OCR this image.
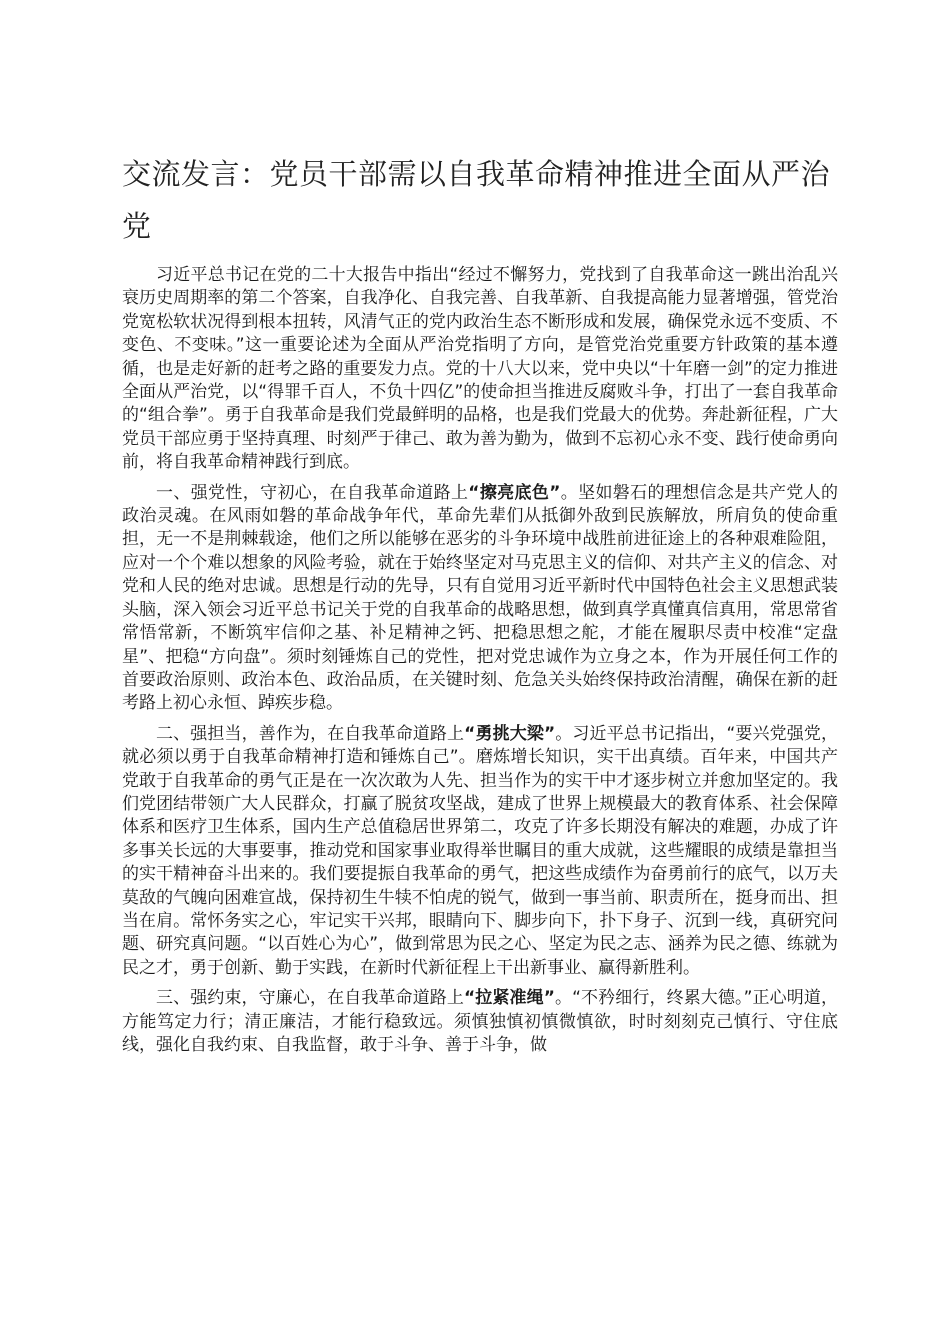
交流发言：党员干部需以自我革命精神推进全面从严治党

习近平总书记在党的二十大报告中指出“经过不懈努力，党找到了自我革命这一跳出治乱兴衰历史周期率的第二个答案，自我净化、自我完善、自我革新、自我提高能力显著增强，管党治党宽松软状况得到根本扭转，风清气正的党内政治生态不断形成和发展，确保党永远不变质、不变色、不变味。”这一重要论述为全面从严治党指明了方向，是管党治党重要方针政策的基本遵循，也是走好新的赶考之路的重要发力点。党的十八大以来，党中央以“十年磨一剑”的定力推进全面从严治党，以“得罪千百人，不负十四亿”的使命担当推进反腐败斗争，打出了一套自我革命的“组合拳”。勇于自我革命是我们党最鲜明的品格，也是我们党最大的优势。奔赴新征程，广大党员干部应勇于坚持真理、时刻严于律己、敢为善为勤为，做到不忘初心永不变、践行使命勇向前，将自我革命精神践行到底。

一、强党性，守初心，在自我革命道路上“擦亮底色”。坚如磐石的理想信念是共产党人的政治灵魂。在风雨如磐的革命战争年代，革命先辈们从抵御外敌到民族解放，所肩负的使命重担，无一不是荆棘载途，他们之所以能够在恶劣的斗争环境中战胜前进征途上的各种艰难险阻，应对一个个难以想象的风险考验，就在于始终坚定对马克思主义的信仰、对共产主义的信念、对党和人民的绝对忠诚。思想是行动的先导，只有自觉用习近平新时代中国特色社会主义思想武装头脑，深入领会习近平总书记关于党的自我革命的战略思想，做到真学真懂真信真用，常思常省常悟常新，不断筑牢信仰之基、补足精神之钙、把稳思想之舵，才能在履职尽责中校准“定盘星”、把稳“方向盘”。须时刻锤炼自己的党性，把对党忠诚作为立身之本，作为开展任何工作的首要政治原则、政治本色、政治品质，在关键时刻、危急关头始终保持政治清醒，确保在新的赶考路上初心永恒、踔疾步稳。

二、强担当，善作为，在自我革命道路上“勇挑大梁”。习近平总书记指出，“要兴党强党，就必须以勇于自我革命精神打造和锤炼自己”。磨炼增长知识，实干出真绩。百年来，中国共产党敢于自我革命的勇气正是在一次次敢为人先、担当作为的实干中才逐步树立并愈加坚定的。我们党团结带领广大人民群众，打赢了脱贫攻坚战，建成了世界上规模最大的教育体系、社会保障体系和医疗卫生体系，国内生产总值稳居世界第二，攻克了许多长期没有解决的难题，办成了许多事关长远的大事要事，推动党和国家事业取得举世瞩目的重大成就，这些耀眼的成绩是靠担当的实干精神奋斗出来的。我们要提振自我革命的勇气，把这些成绩作为奋勇前行的底气，以万夫莫敌的气魄向困难宣战，保持初生牛犊不怕虎的锐气，做到一事当前、职责所在，挺身而出、担当在肩。常怀务实之心，牢记实干兴邦，眼睛向下、脚步向下，扑下身子、沉到一线，真研究问题、研究真问题。“以百姓心为心”，做到常思为民之心、坚定为民之志、涵养为民之德、练就为民之才，勇于创新、勤于实践，在新时代新征程上干出新事业、赢得新胜利。

三、强约束，守廉心，在自我革命道路上“拉紧准绳”。“不矜细行，终累大德。”正心明道，方能笃定力行；清正廉洁，才能行稳致远。须慎独慎初慎微慎欲，时时刻刻克己慎行、守住底线，强化自我约束、自我监督，敢于斗争、善于斗争，做
